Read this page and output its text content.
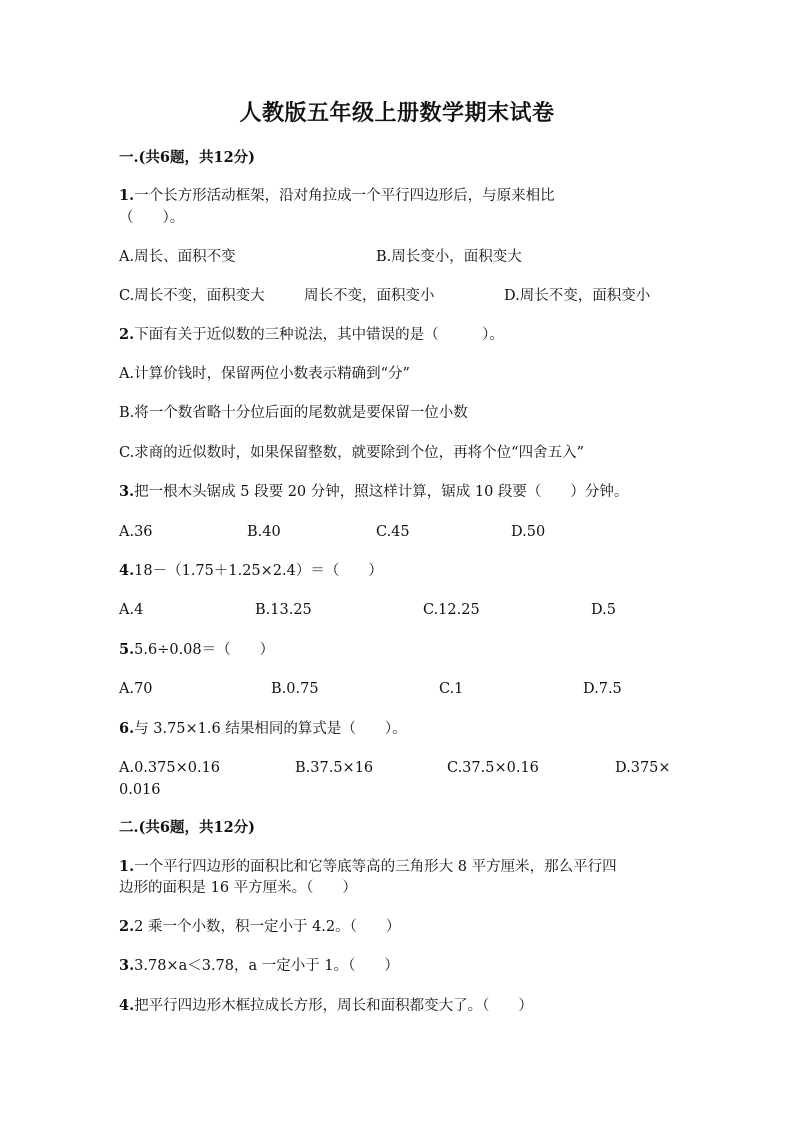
人教版五年级上册数学期末试卷
一.(共6题，共12分)
1.一个长方形活动框架，沿对角拉成一个平行四边形后，与原来相比
（　　）。
A.周长、面积不变	B.周长变小，面积变大
C.周长不变，面积变大	周长不变，面积变小	D.周长不变，面积变小
2.下面有关于近似数的三种说法，其中错误的是（　　　）。
A.计算价钱时，保留两位小数表示精确到“分”
B.将一个数省略十分位后面的尾数就是要保留一位小数
C.求商的近似数时，如果保留整数，就要除到个位，再将个位“四舍五入”
3.把一根木头锯成 5 段要 20 分钟，照这样计算，锯成 10 段要（　　）分钟。
A.36	B.40	C.45	D.50
4.18－（1.75＋1.25×2.4）＝（　　）
A.4	B.13.25	C.12.25	D.5
5.5.6÷0.08＝（　　）
A.70	B.0.75	C.1	D.7.5
6.与 3.75×1.6 结果相同的算式是（　　）。
A.0.375×0.16	B.37.5×16	C.37.5×0.16	D.375×
0.016
二.(共6题，共12分)
1.一个平行四边形的面积比和它等底等高的三角形大 8 平方厘米，那么平行四
边形的面积是 16 平方厘米。（　　）
2.2 乘一个小数，积一定小于 4.2。（　　）
3.3.78×a＜3.78，a 一定小于 1。（　　）
4.把平行四边形木框拉成长方形，周长和面积都变大了。（　　）
